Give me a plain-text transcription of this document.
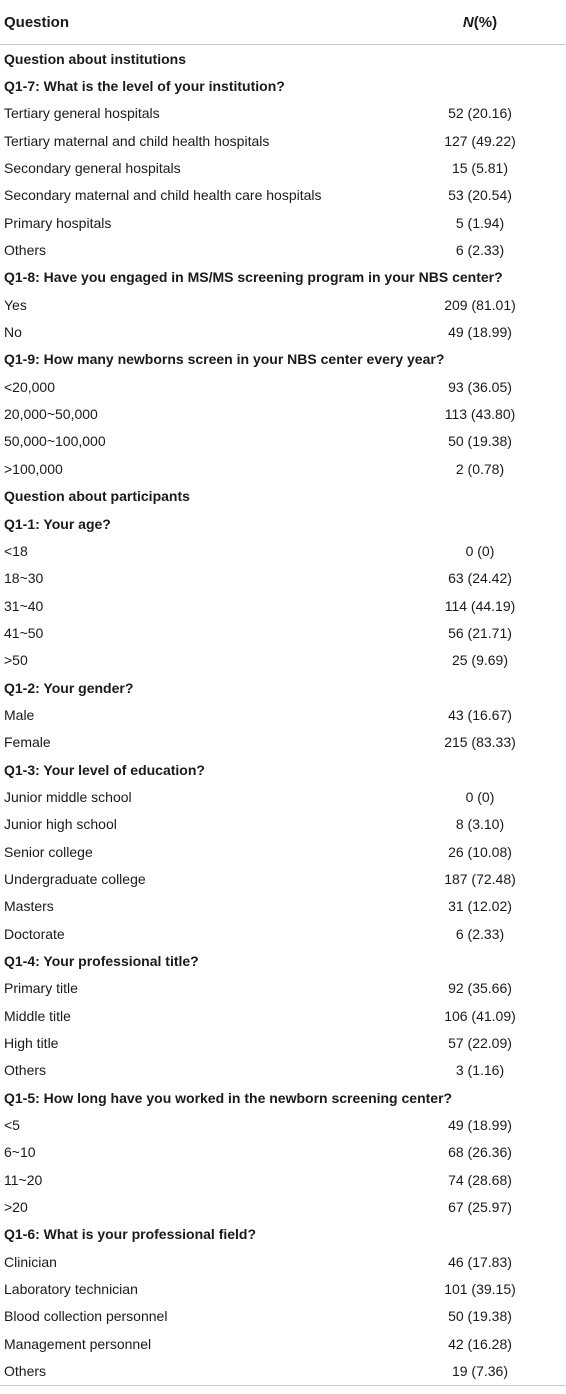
Question	N(%)
Question about institutions
Q1-7: What is the level of your institution?
Tertiary general hospitals	52 (20.16)
Tertiary maternal and child health hospitals	127 (49.22)
Secondary general hospitals	15 (5.81)
Secondary maternal and child health care hospitals	53 (20.54)
Primary hospitals	5 (1.94)
Others	6 (2.33)
Q1-8: Have you engaged in MS/MS screening program in your NBS center?
Yes	209 (81.01)
No	49 (18.99)
Q1-9: How many newborns screen in your NBS center every year?
<20,000	93 (36.05)
20,000~50,000	113 (43.80)
50,000~100,000	50 (19.38)
>100,000	2 (0.78)
Question about participants
Q1-1: Your age?
<18	0 (0)
18~30	63 (24.42)
31~40	114 (44.19)
41~50	56 (21.71)
>50	25 (9.69)
Q1-2: Your gender?
Male	43 (16.67)
Female	215 (83.33)
Q1-3: Your level of education?
Junior middle school	0 (0)
Junior high school	8 (3.10)
Senior college	26 (10.08)
Undergraduate college	187 (72.48)
Masters	31 (12.02)
Doctorate	6 (2.33)
Q1-4: Your professional title?
Primary title	92 (35.66)
Middle title	106 (41.09)
High title	57 (22.09)
Others	3 (1.16)
Q1-5: How long have you worked in the newborn screening center?
<5	49 (18.99)
6~10	68 (26.36)
11~20	74 (28.68)
>20	67 (25.97)
Q1-6: What is your professional field?
Clinician	46 (17.83)
Laboratory technician	101 (39.15)
Blood collection personnel	50 (19.38)
Management personnel	42 (16.28)
Others	19 (7.36)
